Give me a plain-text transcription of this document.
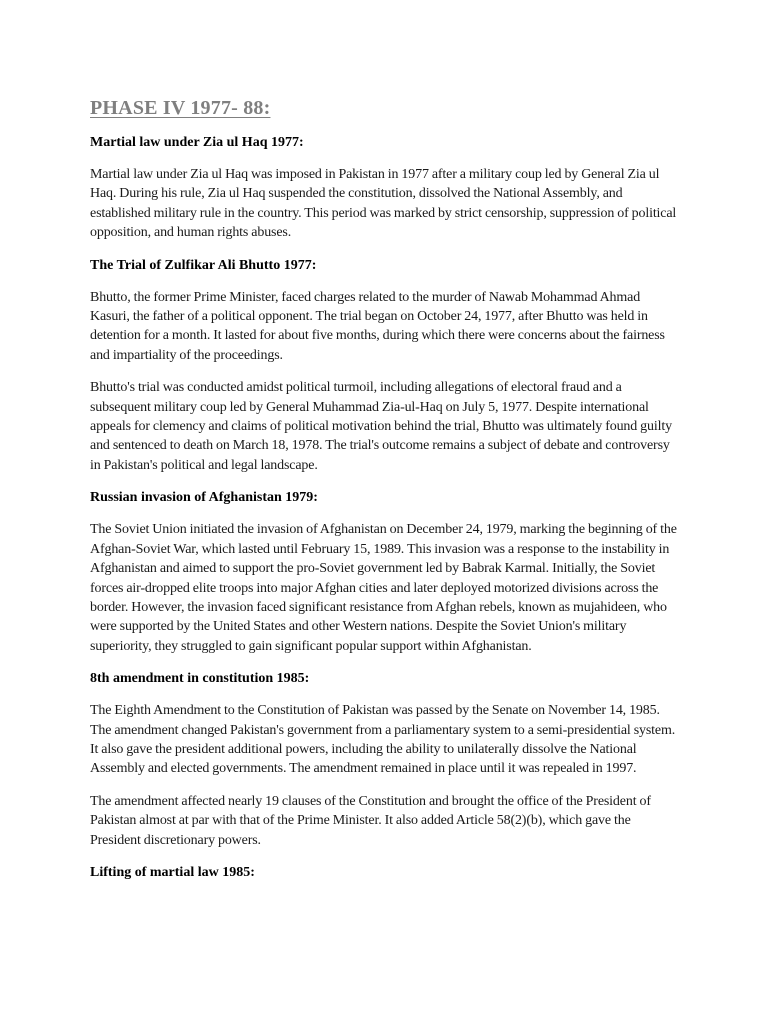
PHASE IV 1977- 88:
Martial law under Zia ul Haq 1977:

Martial law under Zia ul Haq was imposed in Pakistan in 1977 after a military coup led by General Zia ul Haq. During his rule, Zia ul Haq suspended the constitution, dissolved the National Assembly, and established military rule in the country. This period was marked by strict censorship, suppression of political opposition, and human rights abuses.

The Trial of Zulfikar Ali Bhutto 1977:

Bhutto, the former Prime Minister, faced charges related to the murder of Nawab Mohammad Ahmad Kasuri, the father of a political opponent. The trial began on October 24, 1977, after Bhutto was held in detention for a month. It lasted for about five months, during which there were concerns about the fairness and impartiality of the proceedings.

Bhutto's trial was conducted amidst political turmoil, including allegations of electoral fraud and a subsequent military coup led by General Muhammad Zia-ul-Haq on July 5, 1977. Despite international appeals for clemency and claims of political motivation behind the trial, Bhutto was ultimately found guilty and sentenced to death on March 18, 1978. The trial's outcome remains a subject of debate and controversy in Pakistan's political and legal landscape.

Russian invasion of Afghanistan 1979:

The Soviet Union initiated the invasion of Afghanistan on December 24, 1979, marking the beginning of the Afghan-Soviet War, which lasted until February 15, 1989. This invasion was a response to the instability in Afghanistan and aimed to support the pro-Soviet government led by Babrak Karmal. Initially, the Soviet forces air-dropped elite troops into major Afghan cities and later deployed motorized divisions across the border. However, the invasion faced significant resistance from Afghan rebels, known as mujahideen, who were supported by the United States and other Western nations. Despite the Soviet Union's military superiority, they struggled to gain significant popular support within Afghanistan.

8th amendment in constitution 1985:

The Eighth Amendment to the Constitution of Pakistan was passed by the Senate on November 14, 1985. The amendment changed Pakistan's government from a parliamentary system to a semi-presidential system. It also gave the president additional powers, including the ability to unilaterally dissolve the National Assembly and elected governments. The amendment remained in place until it was repealed in 1997.

The amendment affected nearly 19 clauses of the Constitution and brought the office of the President of Pakistan almost at par with that of the Prime Minister. It also added Article 58(2)(b), which gave the President discretionary powers.

Lifting of martial law 1985:
